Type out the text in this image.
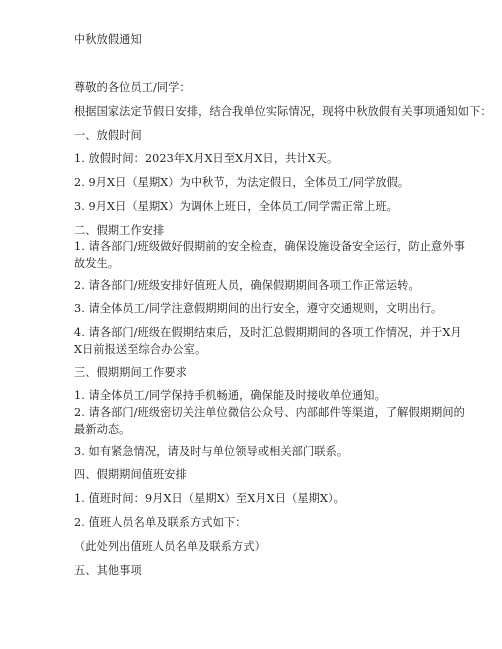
中秋放假通知
尊敬的各位员工/同学：
根据国家法定节假日安排，结合我单位实际情况，现将中秋放假有关事项通知如下：
一、放假时间
1. 放假时间：2023年X月X日至X月X日，共计X天。
2. 9月X日（星期X）为中秋节，为法定假日，全体员工/同学放假。
3. 9月X日（星期X）为调休上班日，全体员工/同学需正常上班。
二、假期工作安排
1. 请各部门/班级做好假期前的安全检查，确保设施设备安全运行，防止意外事故发生。
2. 请各部门/班级安排好值班人员，确保假期期间各项工作正常运转。
3. 请全体员工/同学注意假期期间的出行安全，遵守交通规则，文明出行。
4. 请各部门/班级在假期结束后，及时汇总假期期间的各项工作情况，并于X月X日前报送至综合办公室。
三、假期期间工作要求
1. 请全体员工/同学保持手机畅通，确保能及时接收单位通知。
2. 请各部门/班级密切关注单位微信公众号、内部邮件等渠道，了解假期期间的最新动态。
3. 如有紧急情况，请及时与单位领导或相关部门联系。
四、假期期间值班安排
1. 值班时间：9月X日（星期X）至X月X日（星期X）。
2. 值班人员名单及联系方式如下：
（此处列出值班人员名单及联系方式）
五、其他事项
